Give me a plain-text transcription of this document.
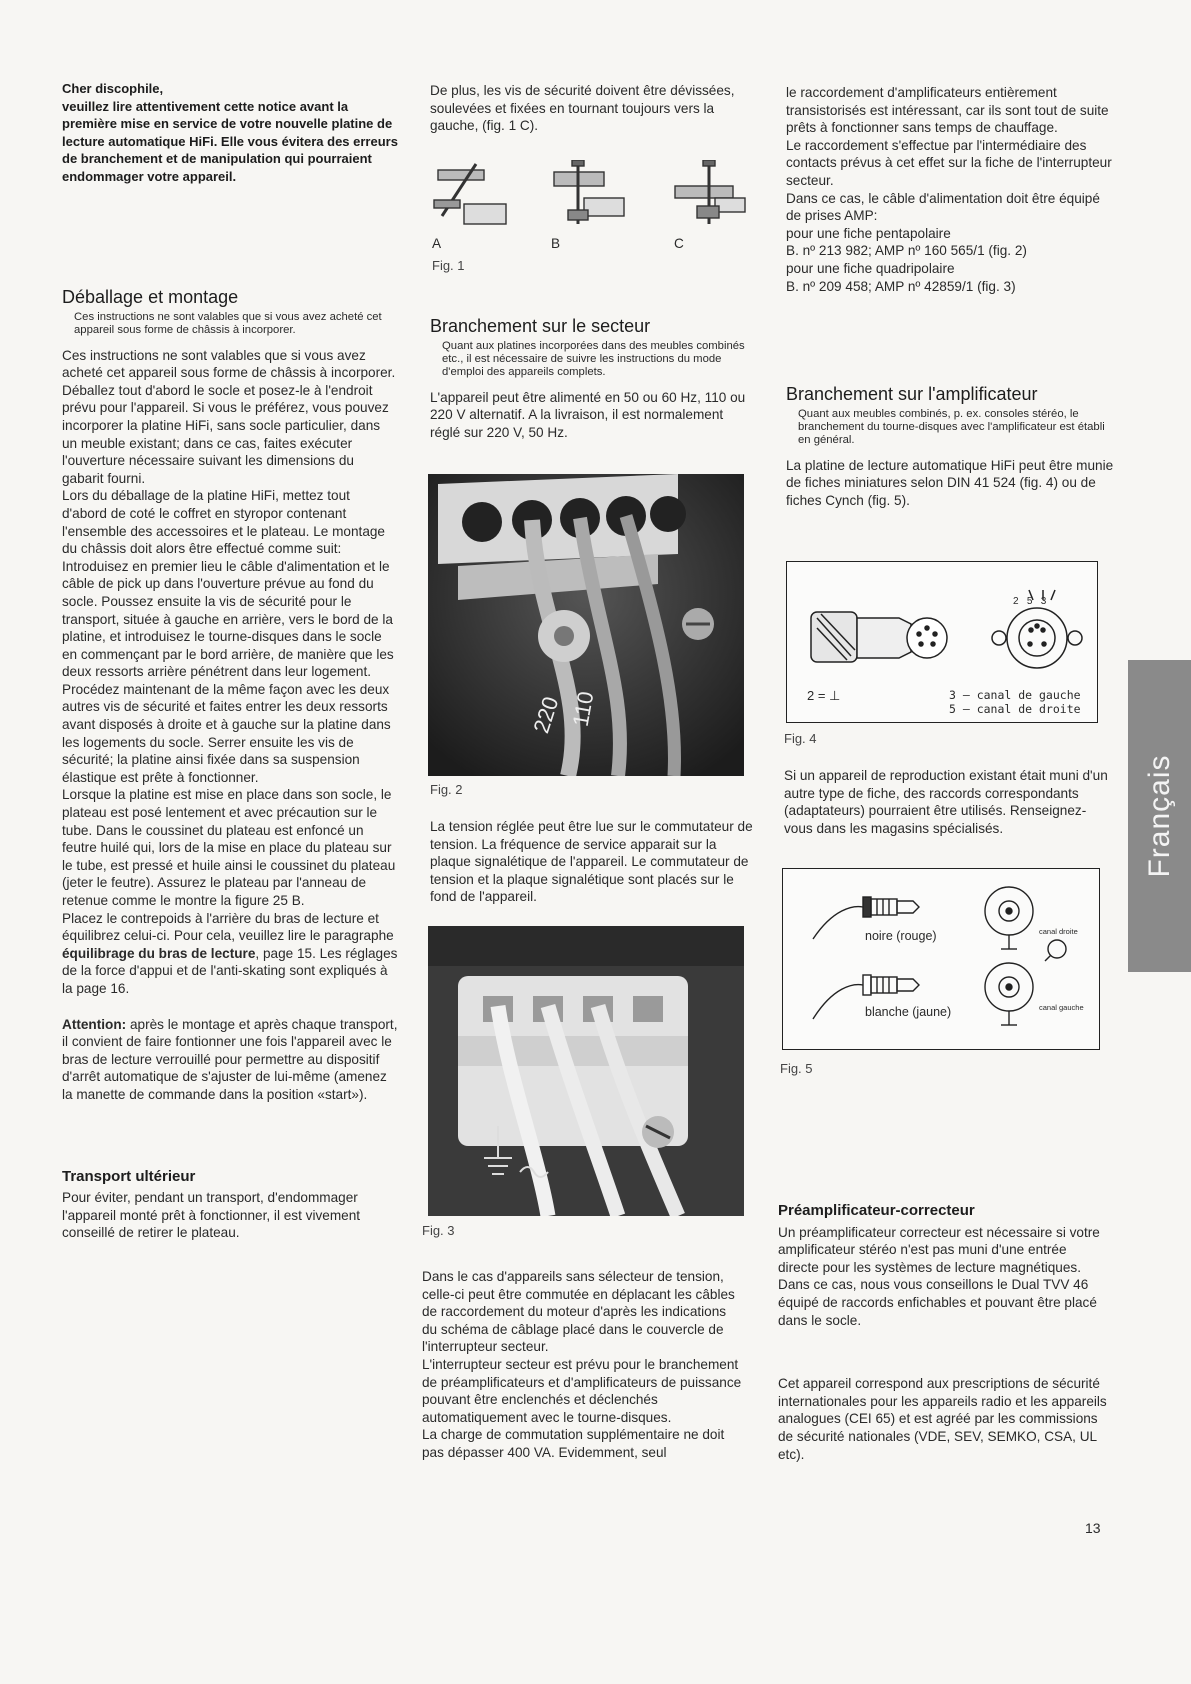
Cher discophile,
veuillez lire attentivement cette notice avant la première mise en service de votre nouvelle platine de lecture automatique HiFi. Elle vous évitera des erreurs de branchement et de manipulation qui pourraient endommager votre appareil.

Déballage et montage

Ces instructions ne sont valables que si vous avez acheté cet appareil sous forme de châssis à incorporer.

Ces instructions ne sont valables que si vous avez acheté cet appareil sous forme de châssis à incorporer.

Déballez tout d'abord le socle et posez-le à l'endroit prévu pour l'appareil. Si vous le préférez, vous pouvez incorporer la platine HiFi, sans socle particulier, dans un meuble existant; dans ce cas, faites exécuter l'ouverture nécessaire suivant les dimensions du gabarit fourni.

Lors du déballage de la platine HiFi, mettez tout d'abord de coté le coffret en styropor contenant l'ensemble des accessoires et le plateau. Le montage du châssis doit alors être effectué comme suit:

Introduisez en premier lieu le câble d'alimentation et le câble de pick up dans l'ouverture prévue au fond du socle. Poussez ensuite la vis de sécurité pour le transport, située à gauche en arrière, vers le bord de la platine, et introduisez le tourne-disques dans le socle en commençant par le bord arrière, de manière que les deux ressorts arrière pénétrent dans leur logement.

Procédez maintenant de la même façon avec les deux autres vis de sécurité et faites entrer les deux ressorts avant disposés à droite et à gauche sur la platine dans les logements du socle. Serrer ensuite les vis de sécurité; la platine ainsi fixée dans sa suspension élastique est prête à fonctionner.

Lorsque la platine est mise en place dans son socle, le plateau est posé lentement et avec précaution sur le tube. Dans le coussinet du plateau est enfoncé un feutre huilé qui, lors de la mise en place du plateau sur le tube, est pressé et huile ainsi le coussinet du plateau (jeter le feutre). Assurez le plateau par l'anneau de retenue comme le montre la figure 25 B.

Placez le contrepoids à l'arrière du bras de lecture et équilibrez celui-ci. Pour cela, veuillez lire le paragraphe équilibrage du bras de lecture, page 15. Les réglages de la force d'appui et de l'anti-skating sont expliqués à la page 16.

Attention: après le montage et après chaque transport, il convient de faire fontionner une fois l'appareil avec le bras de lecture verrouillé pour permettre au dispositif d'arrêt automatique de s'ajuster de lui-même (amenez la manette de commande dans la position «start»).

Transport ultérieur

Pour éviter, pendant un transport, d'endommager l'appareil monté prêt à fonctionner, il est vivement conseillé de retirer le plateau.

De plus, les vis de sécurité doivent être dévissées, soulevées et fixées en tournant toujours vers la gauche, (fig. 1 C).

A	B	C
Fig. 1
Branchement sur le secteur

Quant aux platines incorporées dans des meubles combinés etc., il est nécessaire de suivre les instructions du mode d'emploi des appareils complets.

L'appareil peut être alimenté en 50 ou 60 Hz, 110 ou 220 V alternatif. A la livraison, il est normalement réglé sur 220 V, 50 Hz.

220 110
Fig. 2

La tension réglée peut être lue sur le commutateur de tension. La fréquence de service apparait sur la plaque signalétique de l'appareil. Le commutateur de tension et la plaque signalétique sont placés sur le fond de l'appareil.

Fig. 3

Dans le cas d'appareils sans sélecteur de tension, celle-ci peut être commutée en déplacant les câbles de raccordement du moteur d'après les indications du schéma de câblage placé dans le couvercle de l'interrupteur secteur.

L'interrupteur secteur est prévu pour le branchement de préamplificateurs et d'amplificateurs de puissance pouvant être enclenchés et déclenchés automatiquement avec le tourne-disques.

La charge de commutation supplémentaire ne doit pas dépasser 400 VA. Evidemment, seul

le raccordement d'amplificateurs entièrement transistorisés est intéressant, car ils sont tout de suite prêts à fonctionner sans temps de chauffage.

Le raccordement s'effectue par l'intermédiaire des contacts prévus à cet effet sur la fiche de l'interrupteur secteur.

Dans ce cas, le câble d'alimentation doit être équipé de prises AMP:

pour une fiche pentapolaire

B. nº 213 982; AMP nº 160 565/1 (fig. 2)

pour une fiche quadripolaire

B. nº 209 458; AMP nº 42859/1 (fig. 3)

Branchement sur l'amplificateur

Quant aux meubles combinés, p. ex. consoles stéréo, le branchement du tourne-disques avec l'amplificateur est établi en général.

La platine de lecture automatique HiFi peut être munie de fiches miniatures selon DIN 41 524 (fig. 4) ou de fiches Cynch (fig. 5).

2   5   3
2 = ⊥	3 — canal de gauche
5 — canal de droite
Fig. 4

Si un appareil de reproduction existant était muni d'un autre type de fiche, des raccords correspondants (adaptateurs) pourraient être utilisés. Renseignez-vous dans les magasins spécialisés.

noire (rouge)
blanche (jaune)
canal droite
canal gauche
Fig. 5
Préamplificateur-correcteur

Un préamplificateur correcteur est nécessaire si votre amplificateur stéréo n'est pas muni d'une entrée directe pour les systèmes de lecture magnétiques. Dans ce cas, nous vous conseillons le Dual TVV 46 équipé de raccords enfichables et pouvant être placé dans le socle.

Cet appareil correspond aux prescriptions de sécurité internationales pour les appareils radio et les appareils analogues (CEI 65) et est agréé par les commissions de sécurité nationales (VDE, SEV, SEMKO, CSA, UL etc).

Français
13
